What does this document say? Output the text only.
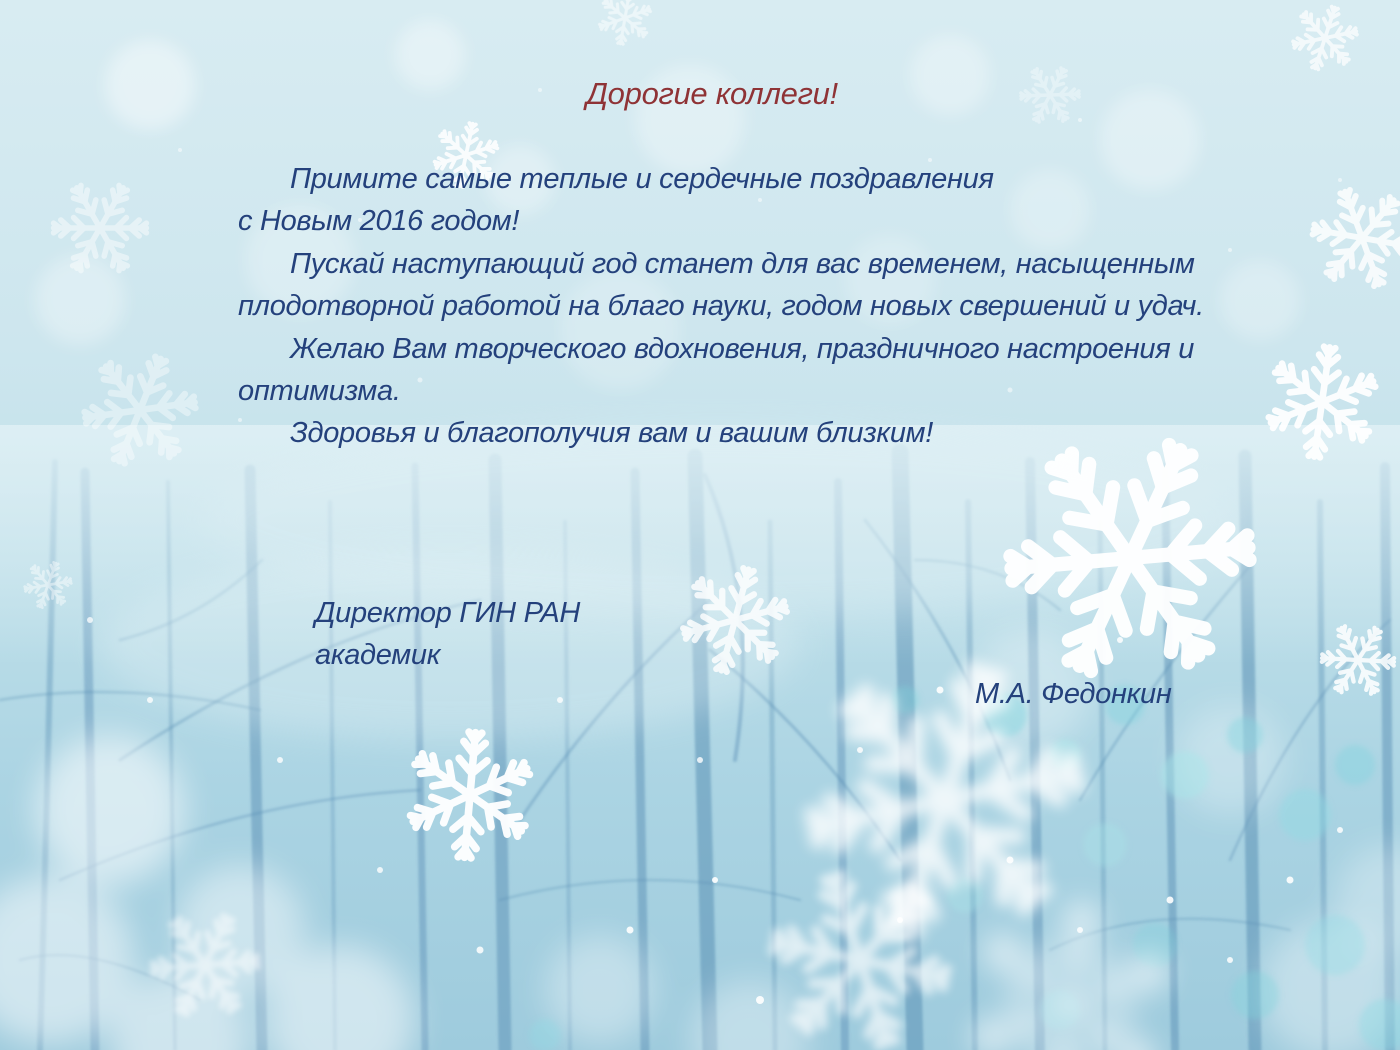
Дорогие коллеги!
Примите самые теплые и сердечные поздравления
с Новым 2016 годом!
Пускай наступающий год станет для вас временем, насыщенным
плодотворной работой на благо науки, годом новых свершений и удач.
Желаю Вам творческого вдохновения, праздничного настроения и
оптимизма.
Здоровья и благополучия вам и вашим близким!
Директор ГИН РАН
академик
М.А. Федонкин
